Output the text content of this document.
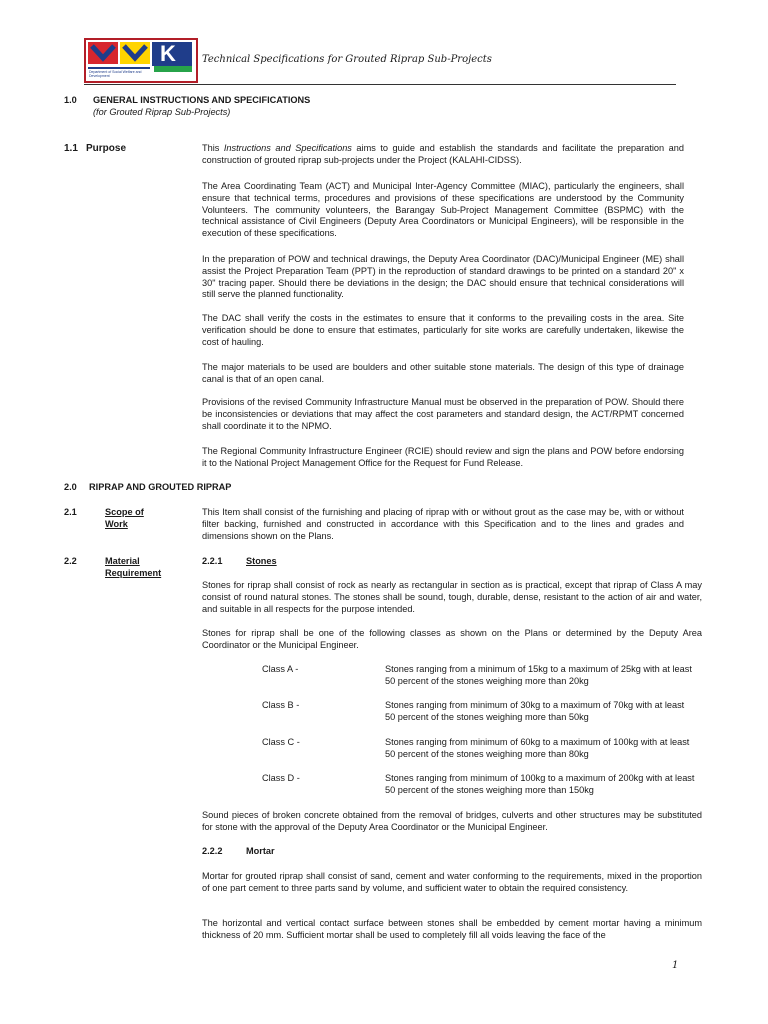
K
Department of Social Welfare and Development
Technical Specifications for Grouted Riprap Sub-Projects
1.0 GENERAL INSTRUCTIONS AND SPECIFICATIONS
(for Grouted Riprap Sub-Projects)
1.1 Purpose	This Instructions and Specifications aims to guide and establish the standards and facilitate the preparation and construction of grouted riprap sub-projects under the Project (KALAHI-CIDSS).
The Area Coordinating Team (ACT) and Municipal Inter-Agency Committee (MIAC), particularly the engineers, shall ensure that technical terms, procedures and provisions of these specifications are understood by the Community Volunteers. The community volunteers, the Barangay Sub-Project Management Committee (BSPMC) with the technical assistance of Civil Engineers (Deputy Area Coordinators or Municipal Engineers), will be responsible in the execution of these specifications.
In the preparation of POW and technical drawings, the Deputy Area Coordinator (DAC)/Municipal Engineer (ME) shall assist the Project Preparation Team (PPT) in the reproduction of standard drawings to be printed on a standard 20" x 30" tracing paper. Should there be deviations in the design; the DAC should ensure that technical considerations will still serve the planned functionality.
The DAC shall verify the costs in the estimates to ensure that it conforms to the prevailing costs in the area. Site verification should be done to ensure that estimates, particularly for site works are carefully undertaken, likewise the cost of hauling.
The major materials to be used are boulders and other suitable stone materials. The design of this type of drainage canal is that of an open canal.
Provisions of the revised Community Infrastructure Manual must be observed in the preparation of POW. Should there be inconsistencies or deviations that may affect the cost parameters and standard design, the ACT/RPMT concerned shall coordinate it to the NPMO.
The Regional Community Infrastructure Engineer (RCIE) should review and sign the plans and POW before endorsing it to the National Project Management Office for the Request for Fund Release.
2.0 RIPRAP AND GROUTED RIPRAP
2.1	Scope of
Work
This Item shall consist of the furnishing and placing of riprap with or without grout as the case may be, with or without filter backing, furnished and constructed in accordance with this Specification and to the lines and grades and dimensions shown on the Plans.
2.2	Material
Requirement
2.2.1	Stones
Stones for riprap shall consist of rock as nearly as rectangular in section as is practical, except that riprap of Class A may consist of round natural stones. The stones shall be sound, tough, durable, dense, resistant to the action of air and water, and suitable in all respects for the purpose intended.
Stones for riprap shall be one of the following classes as shown on the Plans or determined by the Deputy Area Coordinator or the Municipal Engineer.
Class A -	Stones ranging from a minimum of 15kg to a maximum of 25kg with at least
50 percent of the stones weighing more than 20kg
Class B -	Stones ranging from minimum of 30kg to a maximum of 70kg with at least
50 percent of the stones weighing more than 50kg
Class C -	Stones ranging from minimum of 60kg to a maximum of 100kg with at least
50 percent of the stones weighing more than 80kg
Class D -	Stones ranging from minimum of 100kg to a maximum of 200kg with at least
50 percent of the stones weighing more than 150kg
Sound pieces of broken concrete obtained from the removal of bridges, culverts and other structures may be substituted for stone with the approval of the Deputy Area Coordinator or the Municipal Engineer.
2.2.2	Mortar
Mortar for grouted riprap shall consist of sand, cement and water conforming to the requirements, mixed in the proportion of one part cement to three parts sand by volume, and sufficient water to obtain the required consistency.
The horizontal and vertical contact surface between stones shall be embedded by cement mortar having a minimum thickness of 20 mm. Sufficient mortar shall be used to completely fill all voids leaving the face of the
1
